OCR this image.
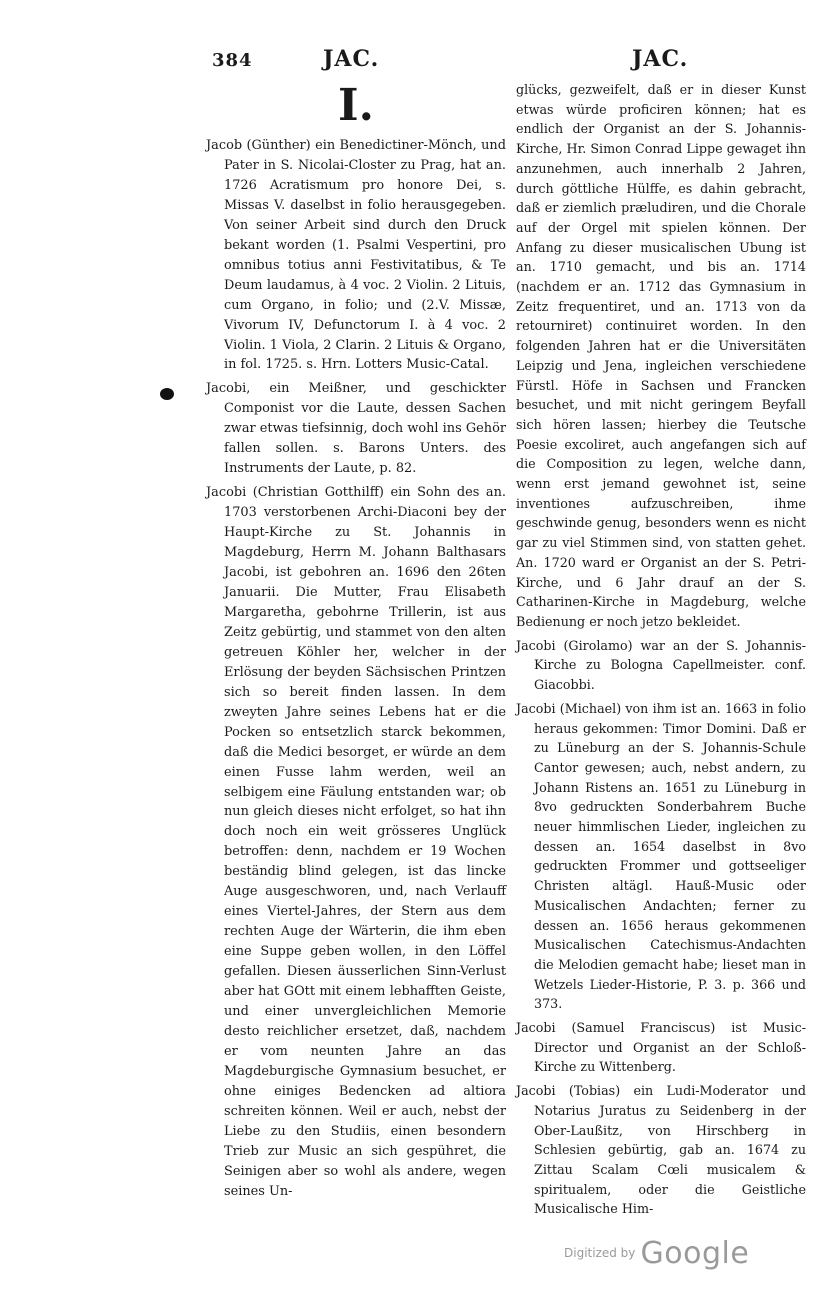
384	JAC.	JAC.
I.

Jacob (Günther) ein Benedictiner-Mönch, und Pater in S. Nicolai-Closter zu Prag, hat an. 1726 Acratismum pro honore Dei, s. Missas V. daselbst in folio herausgegeben. Von seiner Arbeit sind durch den Druck bekant worden (1. Psalmi Vespertini, pro omnibus totius anni Festivitatibus, & Te Deum laudamus, à 4 voc. 2 Violin. 2 Lituis, cum Organo, in folio; und (2.V. Missæ, Vivorum IV, Defunctorum I. à 4 voc. 2 Violin. 1 Viola, 2 Clarin. 2 Lituis & Organo, in fol. 1725. s. Hrn. Lotters Music-Catal.

Jacobi, ein Meißner, und geschickter Componist vor die Laute, dessen Sachen zwar etwas tiefsinnig, doch wohl ins Gehör fallen sollen. s. Barons Unters. des Instruments der Laute, p. 82.

Jacobi (Christian Gotthilff) ein Sohn des an. 1703 verstorbenen Archi-Diaconi bey der Haupt-Kirche zu St. Johannis in Magdeburg, Herrn M. Johann Balthasars Jacobi, ist gebohren an. 1696 den 26ten Januarii. Die Mutter, Frau Elisabeth Margaretha, gebohrne Trillerin, ist aus Zeitz gebürtig, und stammet von den alten getreuen Köhler her, welcher in der Erlösung der beyden Sächsischen Printzen sich so bereit finden lassen. In dem zweyten Jahre seines Lebens hat er die Pocken so entsetzlich starck bekommen, daß die Medici besorget, er würde an dem einen Fusse lahm werden, weil an selbigem eine Fäulung entstanden war; ob nun gleich dieses nicht erfolget, so hat ihn doch noch ein weit grösseres Unglück betroffen: denn, nachdem er 19 Wochen beständig blind gelegen, ist das lincke Auge ausgeschworen, und, nach Verlauff eines Viertel-Jahres, der Stern aus dem rechten Auge der Wärterin, die ihm eben eine Suppe geben wollen, in den Löffel gefallen. Diesen äusserlichen Sinn-Verlust aber hat GOtt mit einem lebhafften Geiste, und einer unvergleichlichen Memorie desto reichlicher ersetzet, daß, nachdem er vom neunten Jahre an das Magdeburgische Gymnasium besuchet, er ohne einiges Bedencken ad altiora schreiten können. Weil er auch, nebst der Liebe zu den Studiis, einen besondern Trieb zur Music an sich gespühret, die Seinigen aber so wohl als andere, wegen seines Un-

glücks, gezweifelt, daß er in dieser Kunst etwas würde proficiren können; hat es endlich der Organist an der S. Johannis-Kirche, Hr. Simon Conrad Lippe gewaget ihn anzunehmen, auch innerhalb 2 Jahren, durch göttliche Hülffe, es dahin gebracht, daß er ziemlich præludiren, und die Chorale auf der Orgel mit spielen können. Der Anfang zu dieser musicalischen Ubung ist an. 1710 gemacht, und bis an. 1714 (nachdem er an. 1712 das Gymnasium in Zeitz frequentiret, und an. 1713 von da retourniret) continuiret worden. In den folgenden Jahren hat er die Universitäten Leipzig und Jena, ingleichen verschiedene Fürstl. Höfe in Sachsen und Francken besuchet, und mit nicht geringem Beyfall sich hören lassen; hierbey die Teutsche Poesie excoliret, auch angefangen sich auf die Composition zu legen, welche dann, wenn erst jemand gewohnet ist, seine inventiones aufzuschreiben, ihme geschwinde genug, besonders wenn es nicht gar zu viel Stimmen sind, von statten gehet. An. 1720 ward er Organist an der S. Petri-Kirche, und 6 Jahr drauf an der S. Catharinen-Kirche in Magdeburg, welche Bedienung er noch jetzo bekleidet.

Jacobi (Girolamo) war an der S. Johannis-Kirche zu Bologna Capellmeister. conf. Giacobbi.

Jacobi (Michael) von ihm ist an. 1663 in folio heraus gekommen: Timor Domini. Daß er zu Lüneburg an der S. Johannis-Schule Cantor gewesen; auch, nebst andern, zu Johann Ristens an. 1651 zu Lüneburg in 8vo gedruckten Sonderbahrem Buche neuer himmlischen Lieder, ingleichen zu dessen an. 1654 daselbst in 8vo gedruckten Frommer und gottseeliger Christen altägl. Hauß-Music oder Musicalischen Andachten; ferner zu dessen an. 1656 heraus gekommenen Musicalischen Catechismus-Andachten die Melodien gemacht habe; lieset man in Wetzels Lieder-Historie, P. 3. p. 366 und 373.

Jacobi (Samuel Franciscus) ist Music-Director und Organist an der Schloß-Kirche zu Wittenberg.

Jacobi (Tobias) ein Ludi-Moderator und Notarius Juratus zu Seidenberg in der Ober-Laußitz, von Hirschberg in Schlesien gebürtig, gab an. 1674 zu Zittau Scalam Cœli musicalem & spiritualem, oder die Geistliche Musicalische Him-

$^{Digitized by}$ Google
